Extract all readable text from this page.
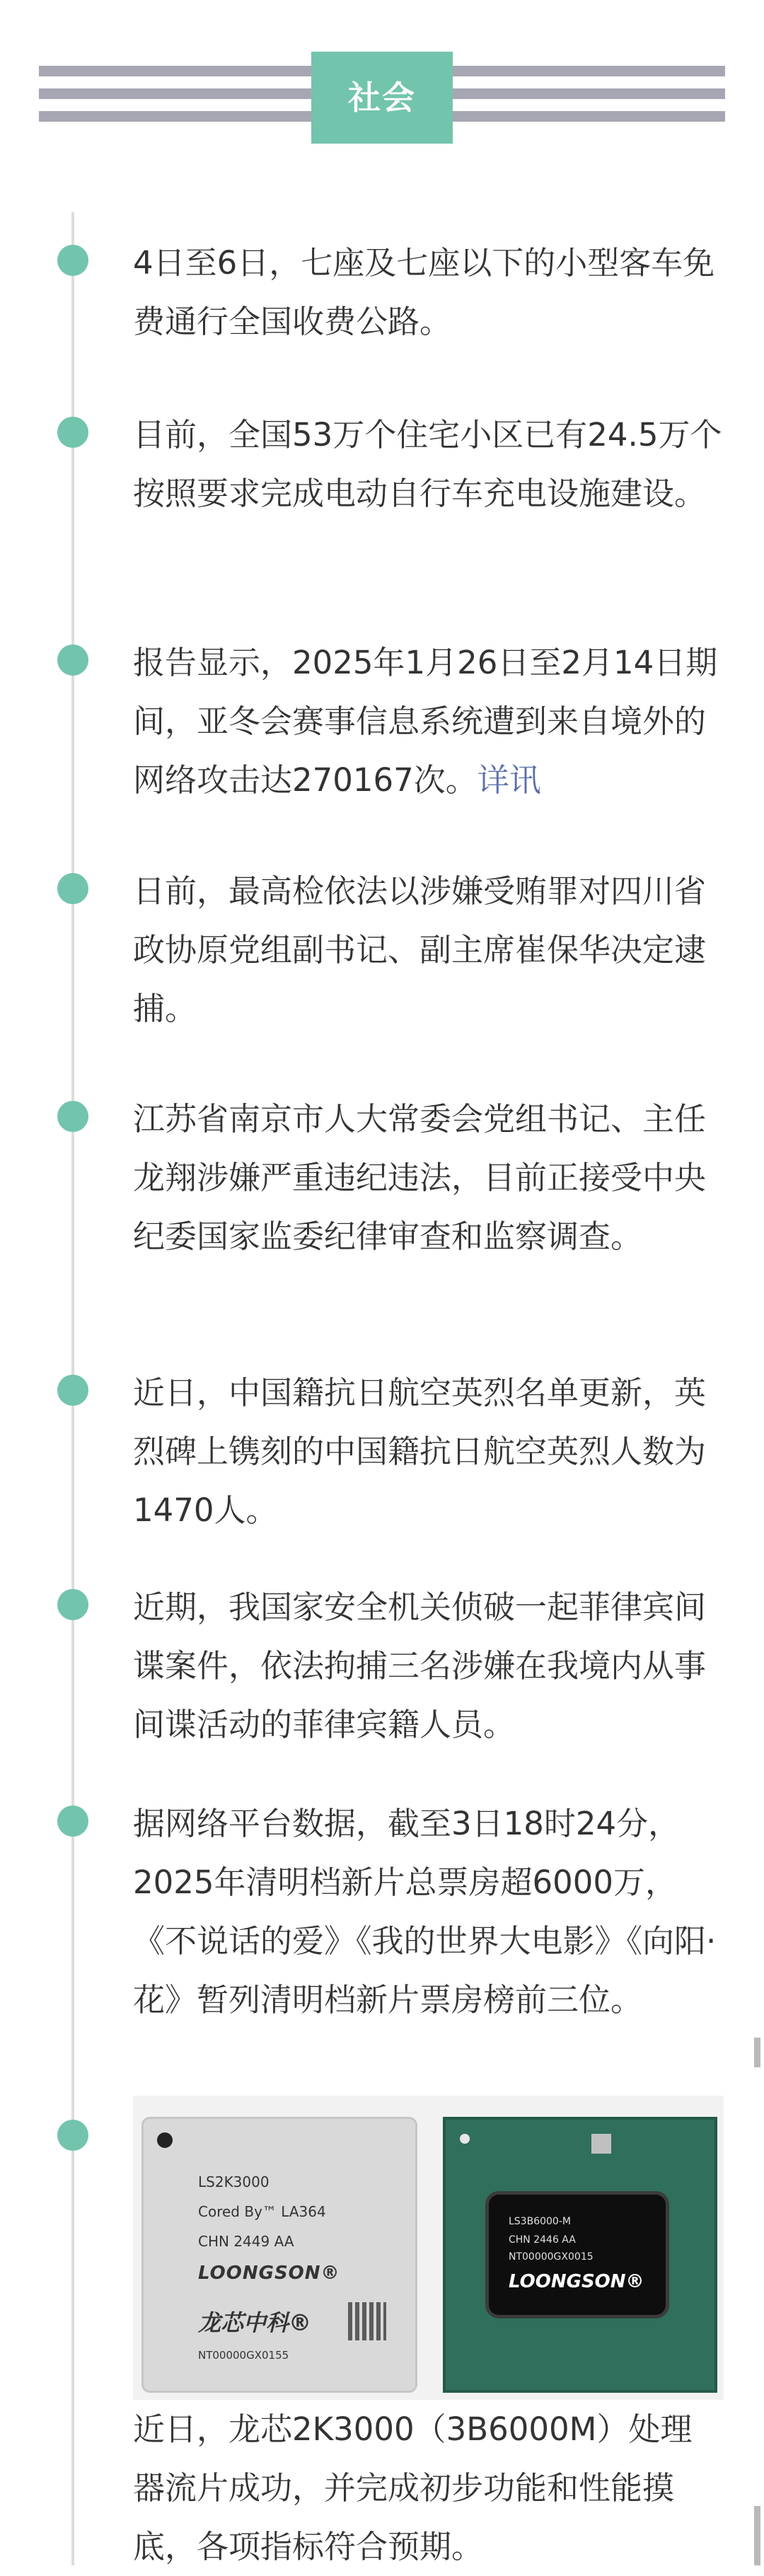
社会

4日至6日，七座及七座以下的小型客车免费通行全国收费公路。

目前，全国53万个住宅小区已有24.5万个按照要求完成电动自行车充电设施建设。

报告显示，2025年1月26日至2月14日期间，亚冬会赛事信息系统遭到来自境外的网络攻击达270167次。详讯

日前，最高检依法以涉嫌受贿罪对四川省政协原党组副书记、副主席崔保华决定逮捕。

江苏省南京市人大常委会党组书记、主任龙翔涉嫌严重违纪违法，目前正接受中央纪委国家监委纪律审查和监察调查。

近日，中国籍抗日航空英烈名单更新，英烈碑上镌刻的中国籍抗日航空英烈人数为1470人。

近期，我国家安全机关侦破一起菲律宾间谍案件，依法拘捕三名涉嫌在我境内从事间谍活动的菲律宾籍人员。

据网络平台数据，截至3日18时24分，2025年清明档新片总票房超6000万，《不说话的爱》《我的世界大电影》《向阳·花》暂列清明档新片票房榜前三位。

LS2K3000
Cored By™ LA364
CHN 2449 AA
LOONGSON®
龙芯中科®
NT00000GX0155
LS3B6000-M
CHN 2446 AA
NT00000GX0015
LOONGSON®

近日，龙芯2K3000（3B6000M）处理器流片成功，并完成初步功能和性能摸底，各项指标符合预期。
